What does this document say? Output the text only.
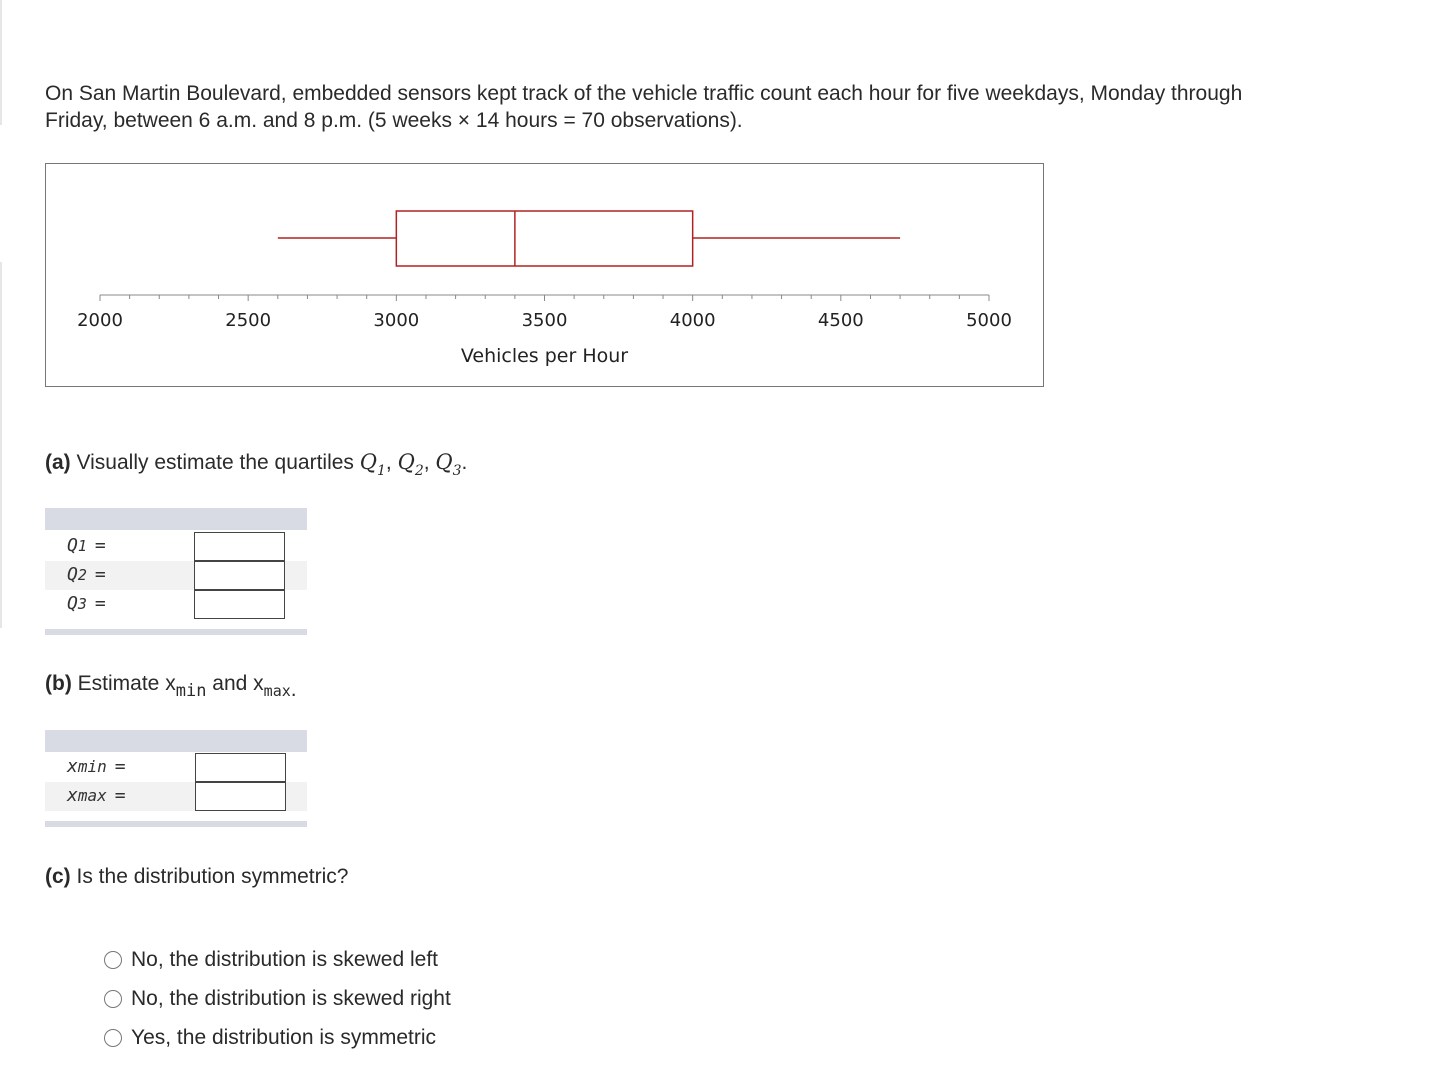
On San Martin Boulevard, embedded sensors kept track of the vehicle traffic count each hour for five weekdays, Monday through
Friday, between 6 a.m. and 8 p.m. (5 weeks × 14 hours = 70 observations).
2000	2500	3000	3500	4000	4500	5000
Vehicles per Hour
(a) Visually estimate the quartiles $Q_1$, $Q_2$, $Q_3$.
Q1 =
Q2 =
Q3 =
(b) Estimate $x_{min}$ and $x_{max}$.
xmin =
xmax =
(c) Is the distribution symmetric?
No, the distribution is skewed left
No, the distribution is skewed right
Yes, the distribution is symmetric
